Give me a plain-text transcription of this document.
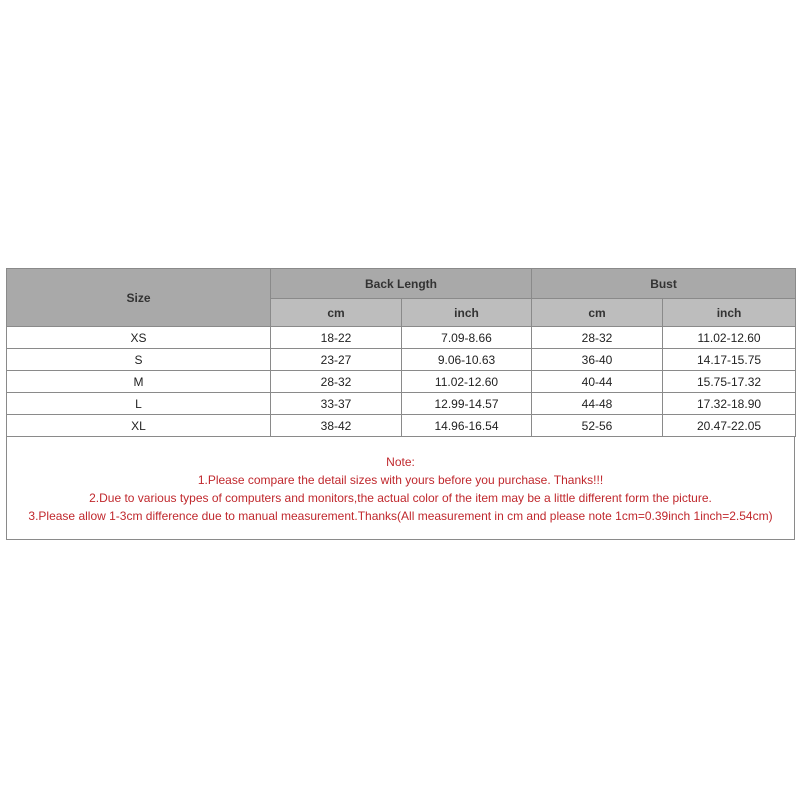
Size	Back Length		Bust	
	cm	inch	cm	inch
XS	18-22	7.09-8.66	28-32	11.02-12.60
S	23-27	9.06-10.63	36-40	14.17-15.75
M	28-32	11.02-12.60	40-44	15.75-17.32
L	33-37	12.99-14.57	44-48	17.32-18.90
XL	38-42	14.96-16.54	52-56	20.47-22.05
Note:
1.Please compare the detail sizes with yours before you purchase. Thanks!!!
2.Due to various types of computers and monitors,the actual color of the item may be a little different form the picture.
3.Please allow 1-3cm difference due to manual measurement.Thanks(All measurement in cm and please note 1cm=0.39inch 1inch=2.54cm)
